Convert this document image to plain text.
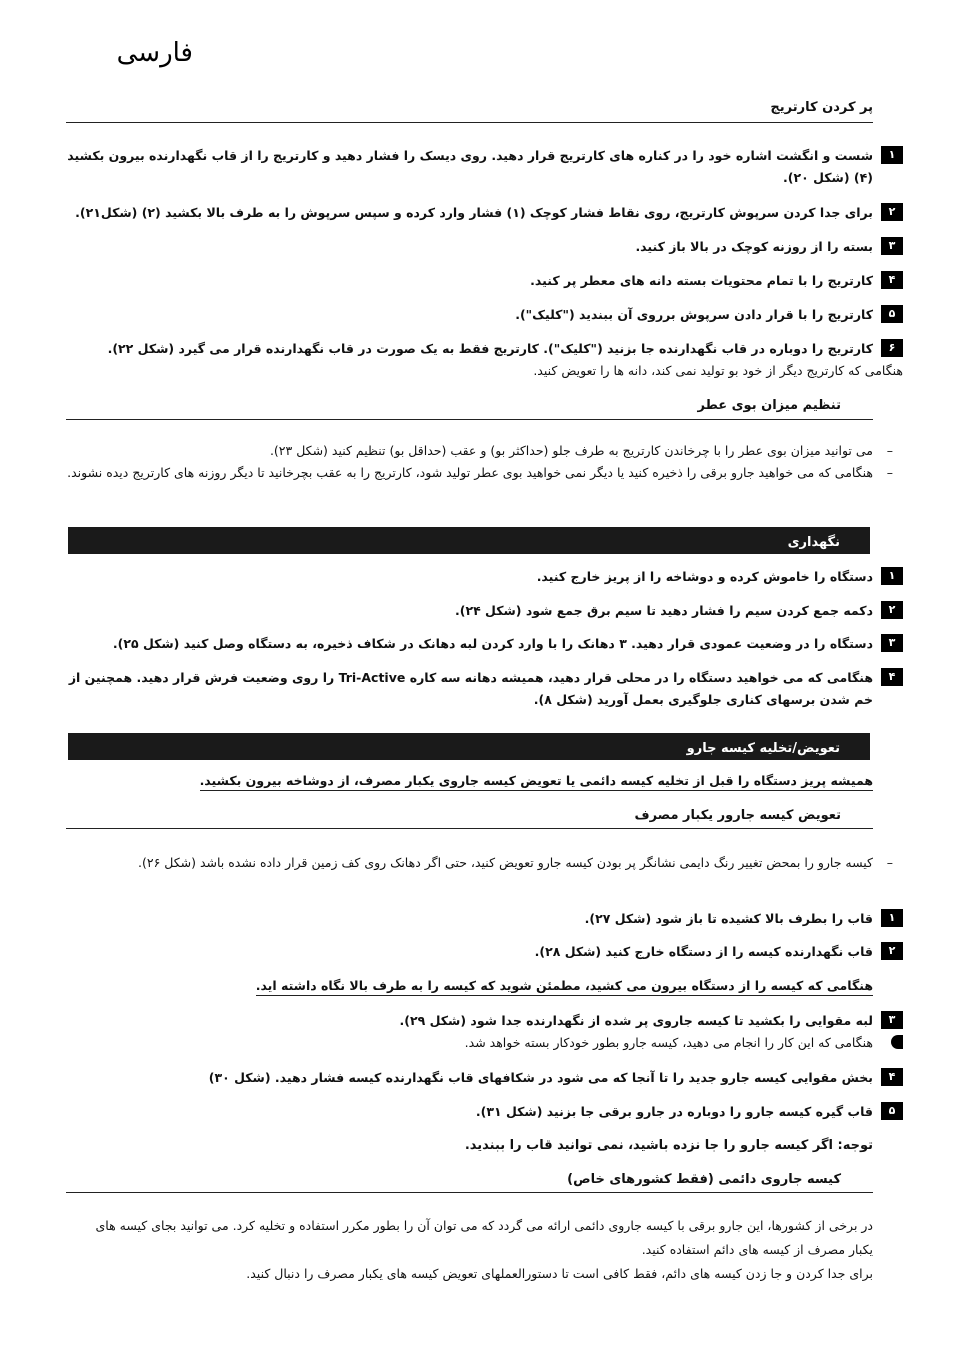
فارسی
پر کردن کارتریج
۱
شست و انگشت اشاره خود را در کناره های کارتریج قرار دهید. روی دیسک را فشار دهید و کارتریج را از قاب نگهدارنده بیرون بکشید (۴) (شکل ۲۰).
۲
برای جدا کردن سرپوش کارتریج، روی نقاط فشار کوچک (۱) فشار وارد کرده و سپس سرپوش را به طرف بالا بکشید (۲) (شکل۲۱).
۳
بسته را از روزنه کوچک در بالا باز کنید.
۴
کارتریج را با تمام محتویات بسته دانه های معطر پر کنید.
۵
کارتریج را با قرار دادن سرپوش برروی آن ببندید ("کلیک").
۶
کارتریج را دوباره در قاب نگهدارنده جا بزنید ("کلیک"). کارتریج فقط به یک صورت در قاب نگهدارنده قرار می گیرد (شکل ۲۲).
هنگامی که کارتریج دیگر از خود بو تولید نمی کند، دانه ها را تعویض کنید.
تنظیم میزان بوی عطر
–
می توانید میزان بوی عطر را با چرخاندن کارتریج به طرف جلو (حداکثر بو) و عقب (حداقل بو) تنظیم کنید (شکل ۲۳).
–
هنگامی که می خواهید جارو برقی را ذخیره کنید یا دیگر نمی خواهید بوی عطر تولید شود، کارتریج را به عقب بچرخانید تا دیگر روزنه های کارتریج دیده نشوند.
نگهداری
۱
دستگاه را خاموش کرده و دوشاخه را از پریز خارج کنید.
۲
دکمه جمع کردن سیم را فشار دهید تا سیم برق جمع شود (شکل ۲۴).
۳
دستگاه را در وضعیت عمودی قرار دهید. ۳ دهانک را با وارد کردن لبه دهانک در شکاف ذخیره، به دستگاه وصل کنید (شکل ۲۵).
۴
هنگامی که می خواهید دستگاه را در محلی قرار دهید، همیشه دهانه سه کاره Tri-Active را روی وضعیت فرش قرار دهید. همچنین از خم شدن برسهای کناری جلوگیری بعمل آورید (شکل ۸).
تعویض/تخلیه کیسه جارو
همیشه پریز دستگاه را قبل از تخلیه کیسه دائمی یا تعویض کیسه جاروی یکبار مصرف، از دوشاخه بیرون بکشید.
تعویض کیسه جارور یکبار مصرف
–
کیسه جارو را بمحض تغییر رنگ دایمی نشانگر پر بودن کیسه جارو تعویض کنید، حتی اگر دهانک روی کف زمین قرار داده نشده باشد (شکل ۲۶).
۱
قاب را بطرف بالا کشیده تا باز شود (شکل ۲۷).
۲
قاب نگهدارنده کیسه را از دستگاه خارج کنید (شکل ۲۸).
هنگامی که کیسه را از دستگاه بیرون می کشید، مطمئن شوید که کیسه را به طرف بالا نگاه داشته اید.
۳
لبه مقوایی را بکشید تا کیسه جاروی پر شده از نگهدارنده جدا شود (شکل ۲۹).
هنگامی که این کار را انجام می دهید، کیسه جارو بطور خودکار بسته خواهد شد.
۴
بخش مقوایی کیسه جارو جدید را تا آنجا که می شود در شکافهای قاب نگهدارنده کیسه فشار دهید. (شکل ۳۰)
۵
قاب گیره کیسه جارو را دوباره در جارو برقی جا بزنید (شکل ۳۱).
توجه: اگر کیسه جارو را جا نزده باشید، نمی توانید قاب را ببندید.
کیسه جاروی دائمی (فقط کشورهای خاص)
در برخی از کشورها، این جارو برقی با کیسه جاروی دائمی ارائه می گردد که می توان آن را بطور مکرر استفاده و تخلیه کرد. می توانید بجای کیسه های یکبار مصرف از کیسه های دائم استفاده کنید.
برای جدا کردن و جا زدن کیسه های دائم، فقط کافی است تا دستورالعملهای تعویض کیسه های یکبار مصرف را دنبال کنید.
